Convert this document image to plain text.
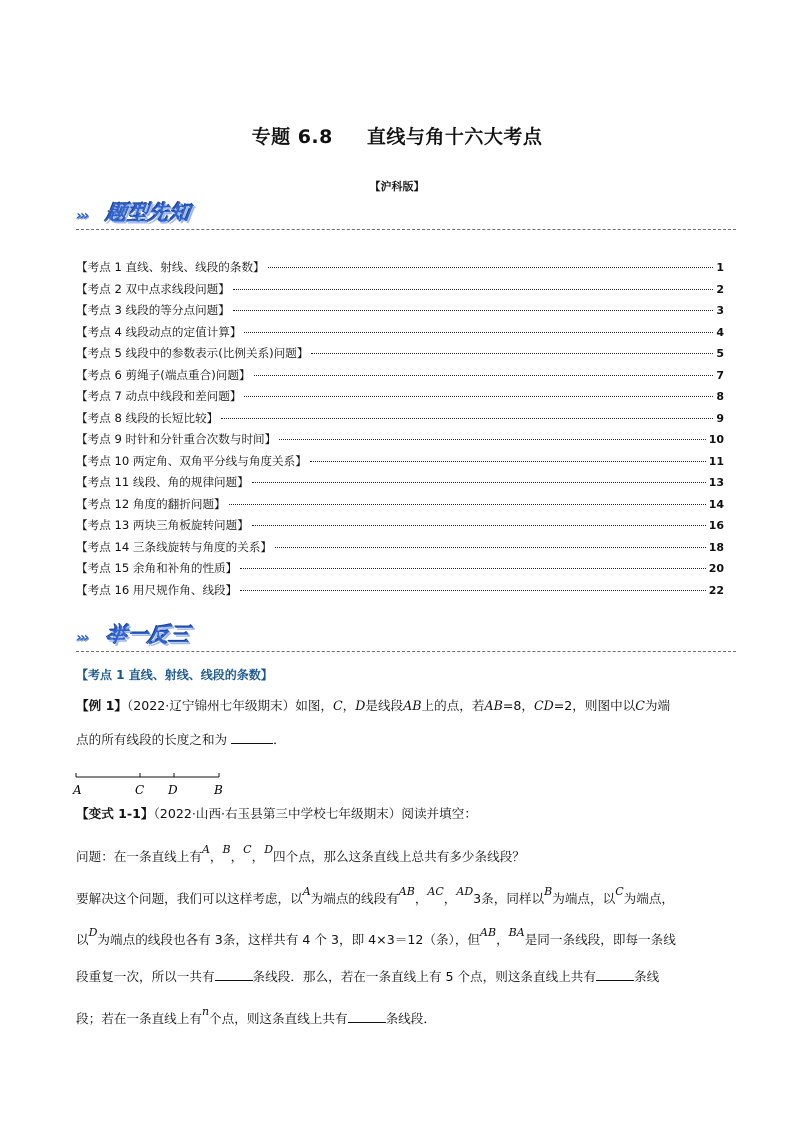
专题 6.8 直线与角十六大考点
【沪科版】
››› 题型先知
【考点 1 直线、射线、线段的条数】	1
【考点 2 双中点求线段问题】	2
【考点 3 线段的等分点问题】	3
【考点 4 线段动点的定值计算】	4
【考点 5 线段中的参数表示(比例关系)问题】	5
【考点 6 剪绳子(端点重合)问题】	7
【考点 7 动点中线段和差问题】	8
【考点 8 线段的长短比较】	9
【考点 9 时针和分针重合次数与时间】	10
【考点 10 两定角、双角平分线与角度关系】	11
【考点 11 线段、角的规律问题】	13
【考点 12 角度的翻折问题】	14
【考点 13 两块三角板旋转问题】	16
【考点 14 三条线旋转与角度的关系】	18
【考点 15 余角和补角的性质】	20
【考点 16 用尺规作角、线段】	22
››› 举一反三
【考点 1 直线、射线、线段的条数】
【例 1】（2022·辽宁锦州七年级期末）如图，C，D是线段AB上的点，若AB=8，CD=2，则图中以C为端
点的所有线段的长度之和为	．
A	C D	B
【变式 1-1】（2022·山西·右玉县第三中学校七年级期末）阅读并填空：
问题：在一条直线上有A，B，C，D四个点，那么这条直线上总共有多少条线段？
要解决这个问题，我们可以这样考虑，以A为端点的线段有AB，AC，AD3条，同样以B为端点，以C为端点，
以D为端点的线段也各有 3条，这样共有 4 个 3，即 4×3＝12（条），但AB，BA是同一条线段，即每一条线
段重复一次，所以一共有	条线段．那么，若在一条直线上有 5 个点，则这条直线上共有	条线
段；若在一条直线上有n个点，则这条直线上共有	条线段．
